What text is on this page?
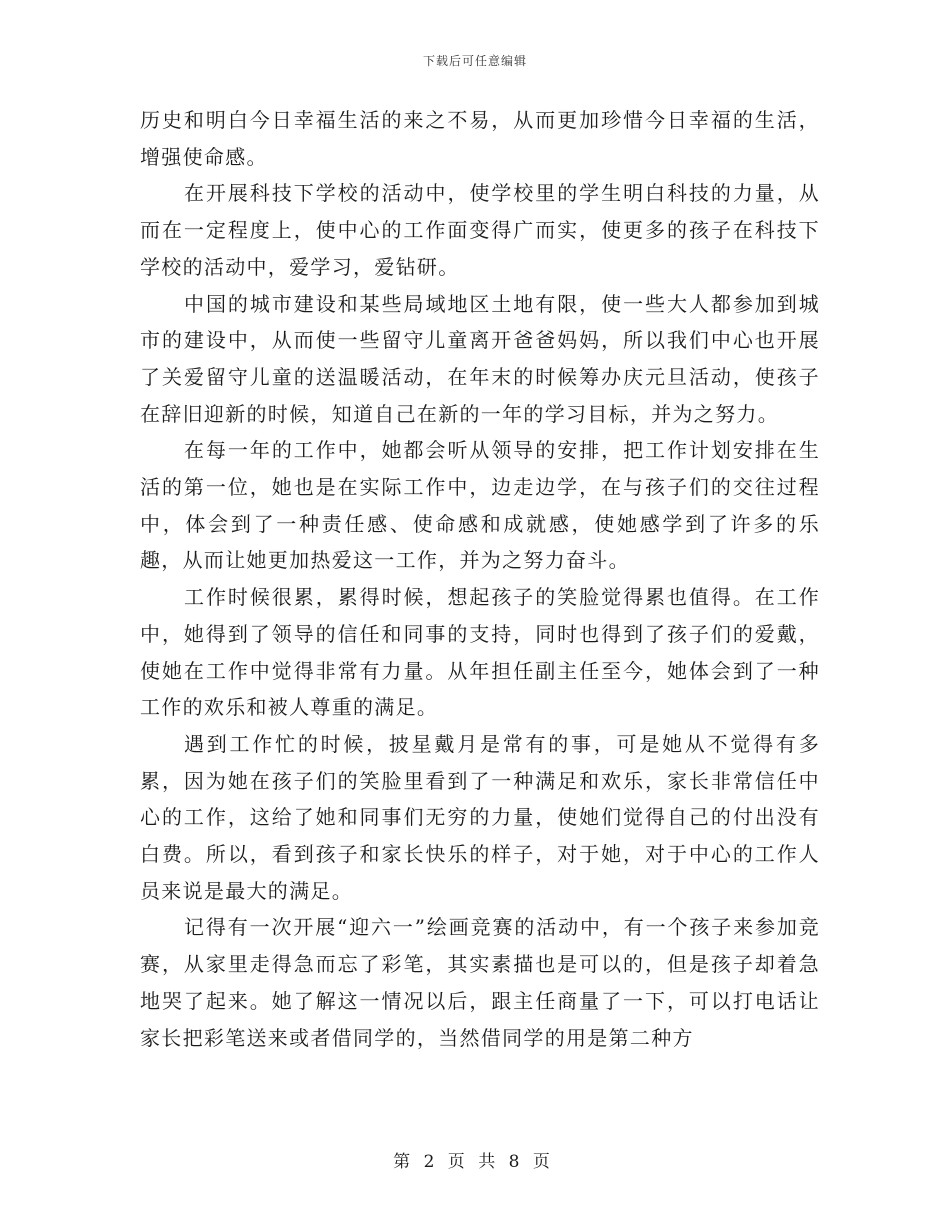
下载后可任意编辑

历史和明白今日幸福生活的来之不易，从而更加珍惜今日幸福的生活，增强使命感。

在开展科技下学校的活动中，使学校里的学生明白科技的力量，从而在一定程度上，使中心的工作面变得广而实，使更多的孩子在科技下学校的活动中，爱学习，爱钻研。

中国的城市建设和某些局域地区土地有限，使一些大人都参加到城市的建设中，从而使一些留守儿童离开爸爸妈妈，所以我们中心也开展了关爱留守儿童的送温暖活动，在年末的时候筹办庆元旦活动，使孩子在辞旧迎新的时候，知道自己在新的一年的学习目标，并为之努力。

在每一年的工作中，她都会听从领导的安排，把工作计划安排在生活的第一位，她也是在实际工作中，边走边学，在与孩子们的交往过程中，体会到了一种责任感、使命感和成就感，使她感学到了许多的乐趣，从而让她更加热爱这一工作，并为之努力奋斗。

工作时候很累，累得时候，想起孩子的笑脸觉得累也值得。在工作中，她得到了领导的信任和同事的支持，同时也得到了孩子们的爱戴，使她在工作中觉得非常有力量。从年担任副主任至今，她体会到了一种工作的欢乐和被人尊重的满足。

遇到工作忙的时候，披星戴月是常有的事，可是她从不觉得有多累，因为她在孩子们的笑脸里看到了一种满足和欢乐，家长非常信任中心的工作，这给了她和同事们无穷的力量，使她们觉得自己的付出没有白费。所以，看到孩子和家长快乐的样子，对于她，对于中心的工作人员来说是最大的满足。

记得有一次开展“迎六一”绘画竞赛的活动中，有一个孩子来参加竞赛，从家里走得急而忘了彩笔，其实素描也是可以的，但是孩子却着急地哭了起来。她了解这一情况以后，跟主任商量了一下，可以打电话让家长把彩笔送来或者借同学的，当然借同学的用是第二种方

第 2 页 共 8 页
